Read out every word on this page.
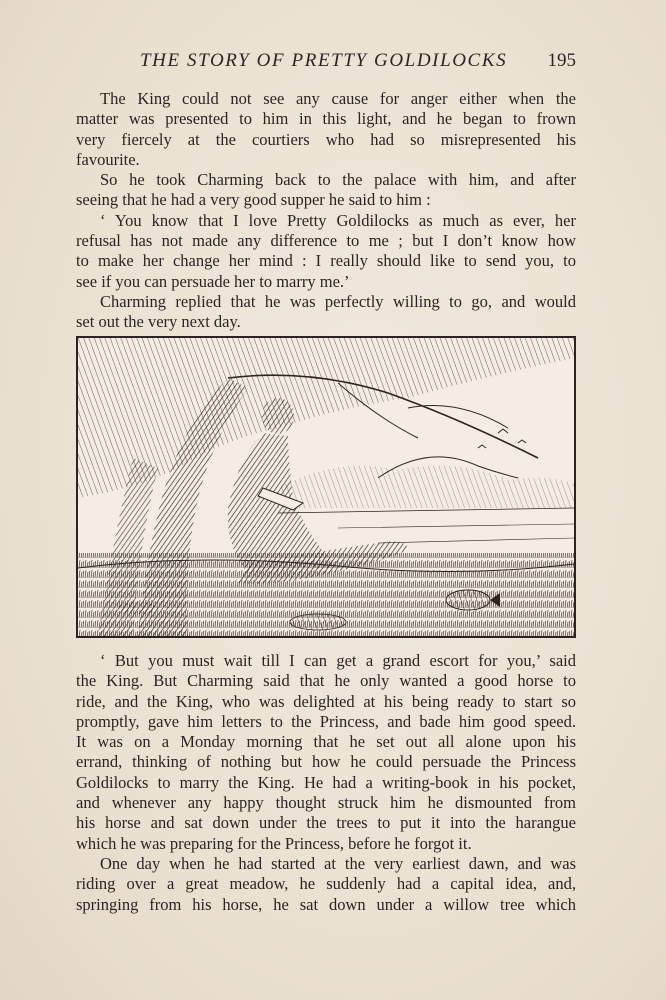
THE STORY OF PRETTY GOLDILOCKS 195

The King could not see any cause for anger either when the

matter was presented to him in this light, and he began to frown

very fiercely at the courtiers who had so misrepresented his

favourite.

So he took Charming back to the palace with him, and after

seeing that he had a very good supper he said to him :

‘ You know that I love Pretty Goldilocks as much as ever, her

refusal has not made any difference to me ; but I don’t know how

to make her change her mind : I really should like to send you, to

see if you can persuade her to marry me.’

Charming replied that he was perfectly willing to go, and would

set out the very next day.

‘ But you must wait till I can get a grand escort for you,’ said

the King. But Charming said that he only wanted a good horse to

ride, and the King, who was delighted at his being ready to start so

promptly, gave him letters to the Princess, and bade him good speed.

It was on a Monday morning that he set out all alone upon his

errand, thinking of nothing but how he could persuade the Princess

Goldilocks to marry the King. He had a writing-book in his pocket,

and whenever any happy thought struck him he dismounted from

his horse and sat down under the trees to put it into the harangue

which he was preparing for the Princess, before he forgot it.

One day when he had started at the very earliest dawn, and was

riding over a great meadow, he suddenly had a capital idea, and,

springing from his horse, he sat down under a willow tree which
